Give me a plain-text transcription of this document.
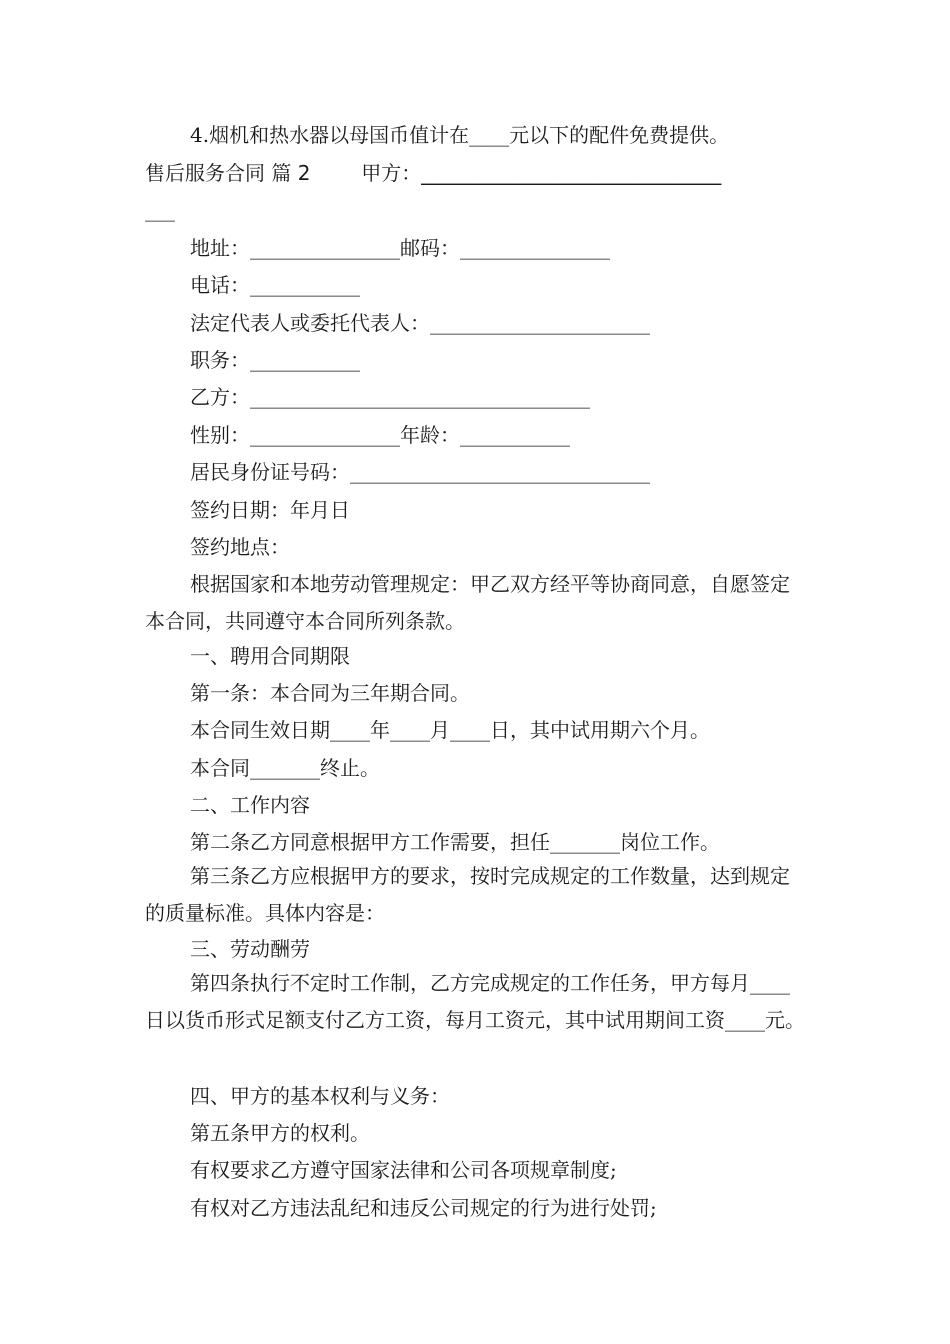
4.烟机和热水器以母国币值计在____元以下的配件免费提供。
售后服务合同 篇 2        甲方：______________________________
___
地址：_______________邮码：_______________
电话：___________
法定代表人或委托代表人：______________________
职务：___________
乙方：__________________________________
性别：_______________年龄：___________
居民身份证号码：______________________________
签约日期：年月日
签约地点：
根据国家和本地劳动管理规定：甲乙双方经平等协商同意，自愿签定本合同，共同遵守本合同所列条款。
一、聘用合同期限
第一条：本合同为三年期合同。
本合同生效日期____年____月____日，其中试用期六个月。
本合同_______终止。
二、工作内容
第二条乙方同意根据甲方工作需要，担任_______岗位工作。
第三条乙方应根据甲方的要求，按时完成规定的工作数量，达到规定的质量标准。具体内容是：
三、劳动酬劳
第四条执行不定时工作制，乙方完成规定的工作任务，甲方每月____日以货币形式足额支付乙方工资，每月工资元，其中试用期间工资____元。
四、甲方的基本权利与义务：
第五条甲方的权利。
有权要求乙方遵守国家法律和公司各项规章制度;
有权对乙方违法乱纪和违反公司规定的行为进行处罚;
